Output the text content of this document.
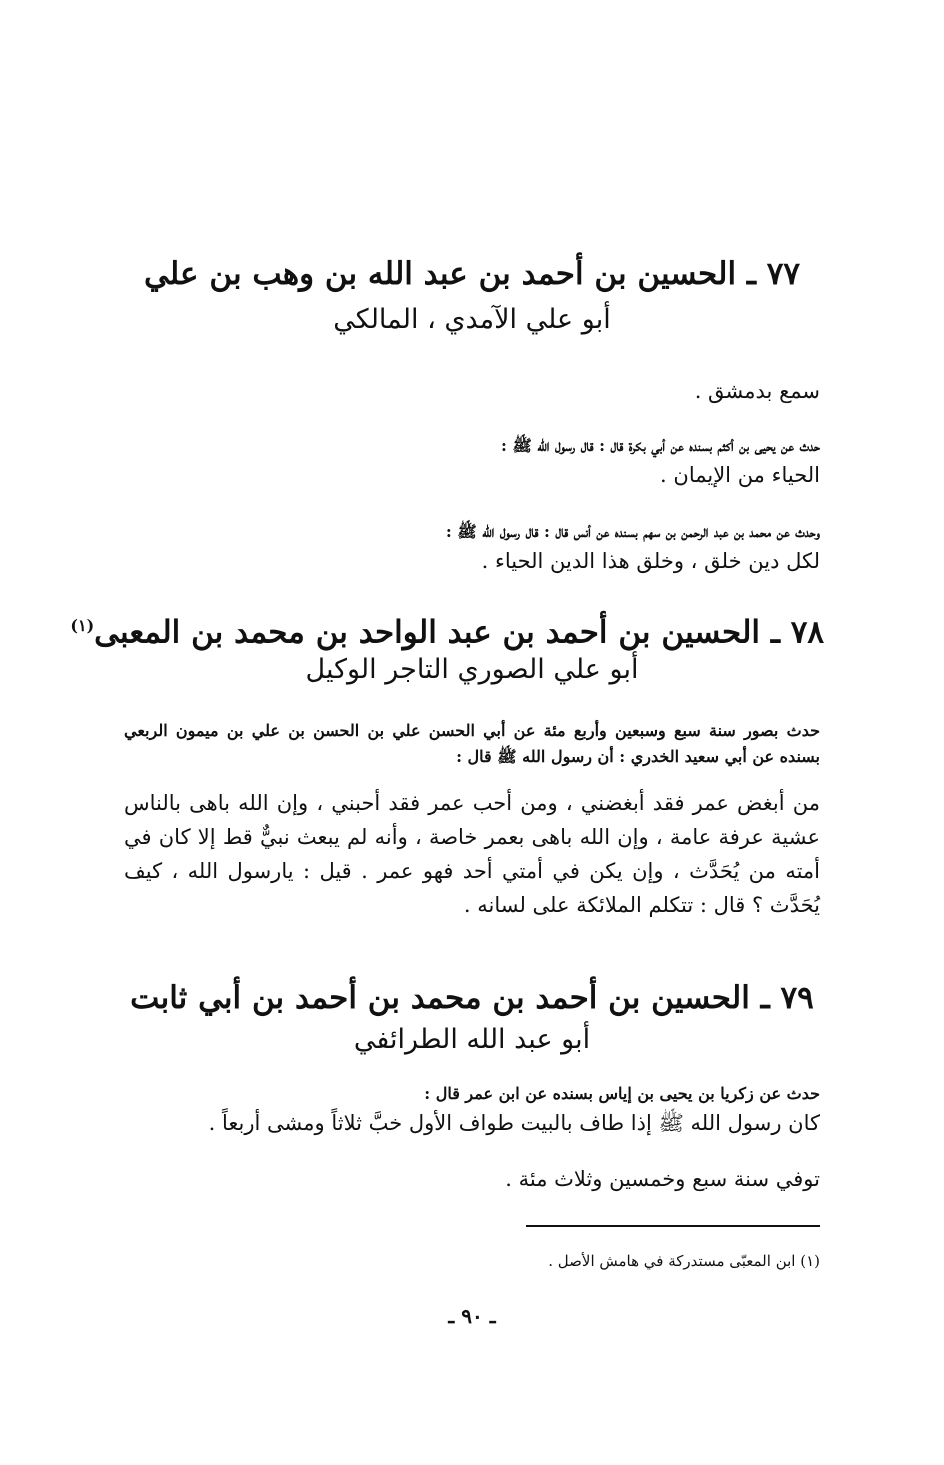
٧٧ ـ الحسين بن أحمد بن عبد الله بن وهب بن علي
أبو علي الآمدي ، المالكي
سمع بدمشق .
حدث عن يحيى بن أكثم بسنده عن أبي بكرة قال : قال رسول الله ﷺ :
الحياء من الإيمان .
وحدث عن محمد بن عبد الرحمن بن سهم بسنده عن أنس قال : قال رسول الله ﷺ :
لكل دين خلق ، وخلق هذا الدين الحياء .
٧٨ ـ الحسين بن أحمد بن عبد الواحد بن محمد بن المعبى$^{(١)}$
أبو علي الصوري التاجر الوكيل
حدث بصور سنة سبع وسبعين وأربع مئة عن أبي الحسن علي بن الحسن بن علي بن ميمون الربعي بسنده عن أبي سعيد الخدري : أن رسول الله ﷺ قال :
من أبغض عمر فقد أبغضني ، ومن أحب عمر فقد أحبني ، وإن الله باهى بالناس عشية عرفة عامة ، وإن الله باهى بعمر خاصة ، وأنه لم يبعث نبيٌّ قط إلا كان في أمته من يُحَدَّث ، وإن يكن في أمتي أحد فهو عمر . قيل : يارسول الله ، كيف يُحَدَّث ؟ قال : تتكلم الملائكة على لسانه .
٧٩ ـ الحسين بن أحمد بن محمد بن أحمد بن أبي ثابت
أبو عبد الله الطرائفي
حدث عن زكريا بن يحيى بن إياس بسنده عن ابن عمر قال :
كان رسول الله ﷺ إذا طاف بالبيت طواف الأول خبَّ ثلاثاً ومشى أربعاً .
توفي سنة سبع وخمسين وثلاث مئة .
(١) ابن المعبّى مستدركة في هامش الأصل .
ـ ٩٠ ـ
